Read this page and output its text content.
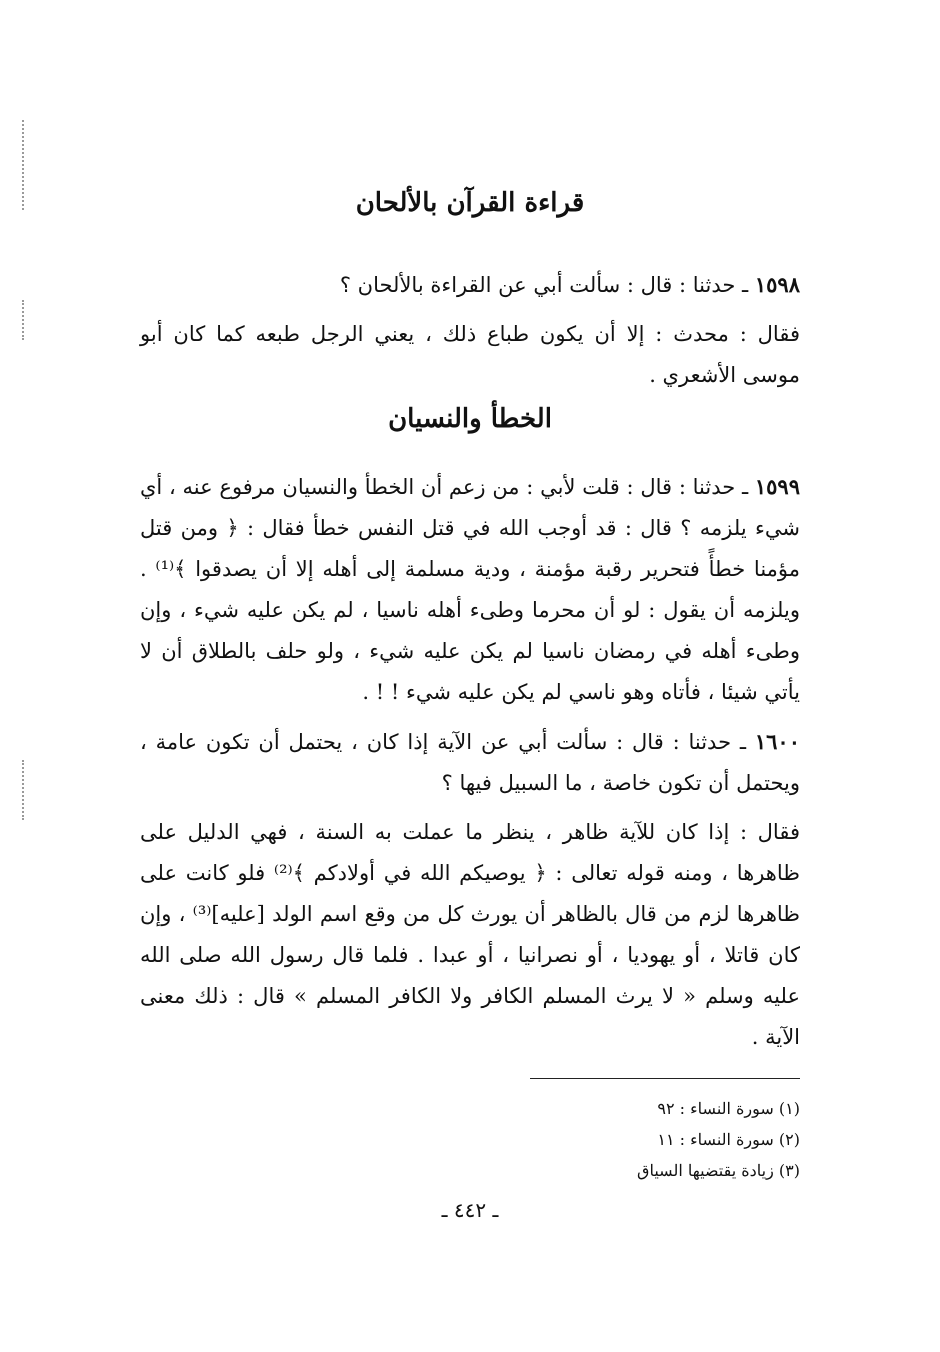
قراءة القرآن بالألحان

١٥٩٨ ـ حدثنا : قال : سألت أبي عن القراءة بالألحان ؟

فقال : محدث : إلا أن يكون طباع ذلك ، يعني الرجل طبعه كما كان أبو موسى الأشعري .

الخطأ والنسيان

١٥٩٩ ـ حدثنا : قال : قلت لأبي : من زعم أن الخطأ والنسيان مرفوع عنه ، أي شيء يلزمه ؟ قال : قد أوجب الله في قتل النفس خطأ فقال : ﴿ ومن قتل مؤمنا خطأً فتحرير رقبة مؤمنة ، ودية مسلمة إلى أهله إلا أن يصدقوا ﴾⁽¹⁾ . ويلزمه أن يقول : لو أن محرما وطىء أهله ناسيا ، لم يكن عليه شيء ، وإن وطىء أهله في رمضان ناسيا لم يكن عليه شيء ، ولو حلف بالطلاق أن لا يأتي شيئا ، فأتاه وهو ناسي لم يكن عليه شيء ! ! .

١٦٠٠ ـ حدثنا : قال : سألت أبي عن الآية إذا كان ، يحتمل أن تكون عامة ، ويحتمل أن تكون خاصة ، ما السبيل فيها ؟

فقال : إذا كان للآية ظاهر ، ينظر ما عملت به السنة ، فهي الدليل على ظاهرها ، ومنه قوله تعالى : ﴿ يوصيكم الله في أولادكم ﴾⁽²⁾ فلو كانت على ظاهرها لزم من قال بالظاهر أن يورث كل من وقع اسم الولد [عليه]⁽³⁾ ، وإن كان قاتلا ، أو يهوديا ، أو نصرانيا ، أو عبدا . فلما قال رسول الله صلى الله عليه وسلم « لا يرث المسلم الكافر ولا الكافر المسلم » قال : ذلك معنى الآية .

(١) سورة النساء : ٩٢

(٢) سورة النساء : ١١

(٣) زيادة يقتضيها السياق

ـ ٤٤٢ ـ
